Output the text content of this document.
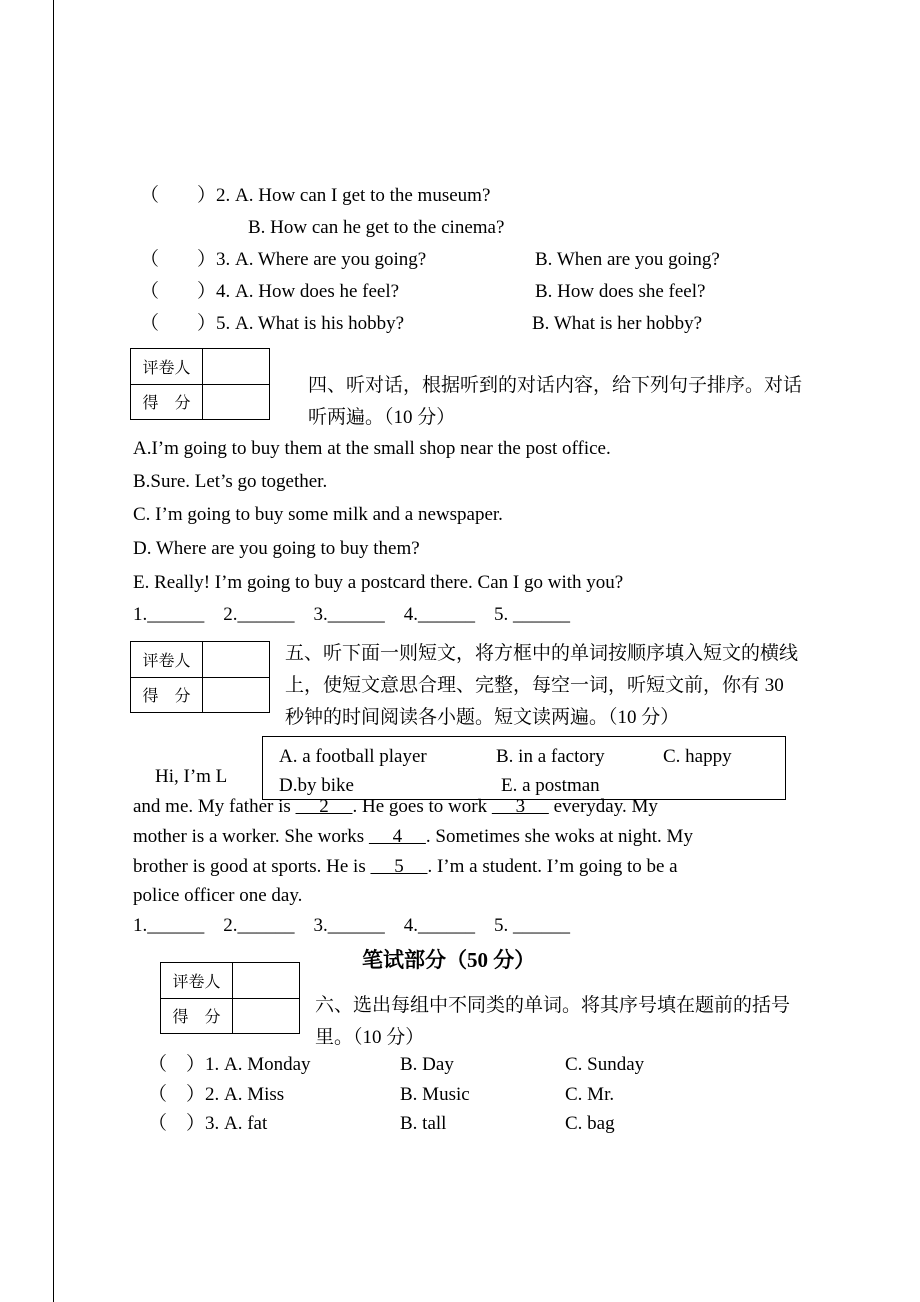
（　　）2. A. How can I get to the museum?
B. How can he get to the cinema?
（　　）3. A. Where are you going?	B. When are you going?
（　　）4. A. How does he feel?	B. How does she feel?
（　　）5. A. What is his hobby?	B. What is her hobby?
评卷人
得　分
四、听对话，根据听到的对话内容，给下列句子排序。对话
听两遍。（10 分）
A.I’m going to buy them at the small shop near the post office.
B.Sure. Let’s go together.
C. I’m going to buy some milk and a newspaper.
D. Where are you going to buy them?
E. Really! I’m going to buy a postcard there. Can I go with you?
1.______    2.______    3.______    4.______    5. ______
评卷人
得　分
五、听下面一则短文，将方框中的单词按顺序填入短文的横线
上，使短文意思合理、完整，每空一词，听短文前，你有 30
秒钟的时间阅读各小题。短文读两遍。（10 分）
Hi, I’m L
A. a football player	B. in a factory	C. happy
D.by bike	E. a postman
and me. My father is      2     . He goes to work      3      everyday. My
mother is a worker. She works      4     . Sometimes she woks at night. My
brother is good at sports. He is      5     . I’m a student. I’m going to be a
police officer one day.
1.______    2.______    3.______    4.______    5. ______
笔试部分（50 分）
评卷人
得　分
六、选出每组中不同类的单词。将其序号填在题前的括号
里。（10 分）
（　）1. A. Monday	B. Day	C. Sunday
（　）2. A. Miss	B. Music	C. Mr.
（　）3. A. fat	B. tall	C. bag
